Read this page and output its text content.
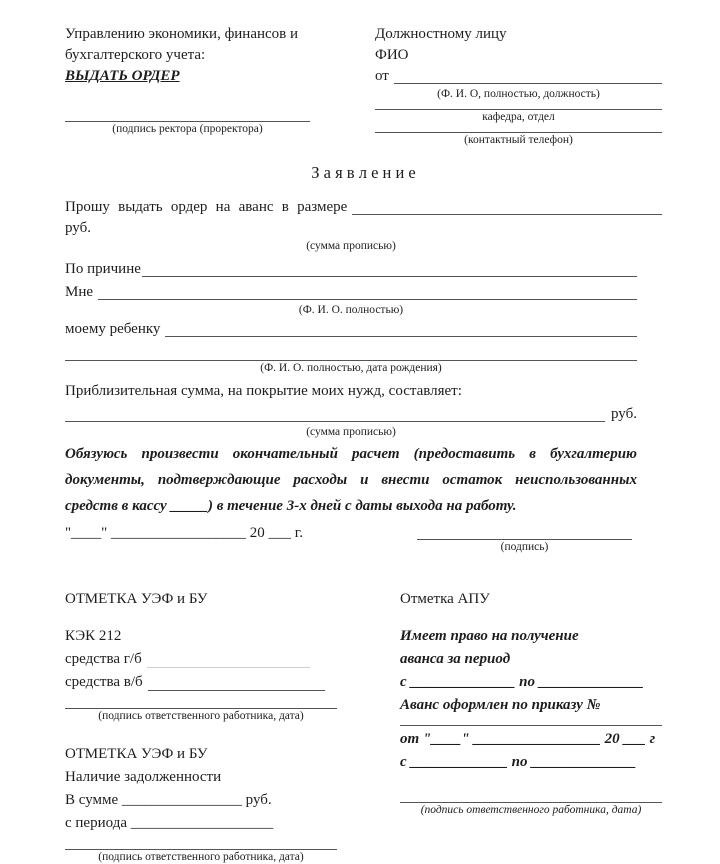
Управлению экономики, финансов и
бухгалтерского учета:
ВЫДАТЬ ОРДЕР
(подпись ректора (проректора)
Должностному лицу
ФИО
от
(Ф. И. О, полностью, должность)
кафедра, отдел
(контактный телефон)
З а я в л е н и е
Прошу выдать ордер на аванс в размере
руб.
(сумма прописью)
По причине
Мне
(Ф. И. О. полностью)
моему ребенку
(Ф. И. О. полностью, дата рождения)
Приблизительная сумма, на покрытие моих нужд, составляет:
руб.
(сумма прописью)
Обязуюсь произвести окончательный расчет (предоставить в бухгалтерию документы, подтверждающие расходы и внести остаток неиспользованных средств в кассу _____) в течение 3-х дней с даты выхода на работу.
"____" __________________ 20 ___ г.
(подпись)
ОТМЕТКА УЭФ и БУ
КЭК 212
средства г/б
средства в/б
(подпись ответственного работника, дата)
ОТМЕТКА УЭФ и БУ
Наличие задолженности
В сумме ________________ руб.
с периода ___________________
(подпись ответственного работника, дата)
Отметка АПУ
Имеет право на получение
аванса за период
с ______________ по ______________
Аванс оформлен по приказу №
от "____" _________________ 20 ___ г
с _____________ по ______________
(подпись ответственного работника, дата)
